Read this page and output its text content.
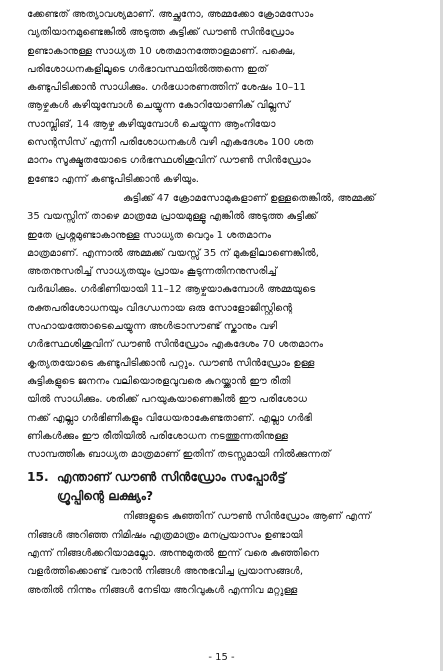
ക്കേണ്ടത് അത്യാവശ്യമാണ്. അച്ഛനോ, അമ്മക്കോ ക്രോമസോം
വ്യതിയാനമുണ്ടെങ്കിൽ അടുത്ത കുട്ടിക്ക് ഡൗൺ സിൻഡ്രോം
ഉണ്ടാകാനുള്ള സാധ്യത 10 ശതമാനത്തോളമാണ്. പക്ഷെ,
പരിശോധനകളിലൂടെ ഗർഭാവസ്ഥയിൽത്തന്നെ ഇത്
കണ്ടുപിടിക്കാൻ സാധിക്കും. ഗർഭധാരണത്തിന് ശേഷം 10–11
ആഴ്ചകൾ കഴിയുമ്പോൾ ചെയ്യുന്ന കോറിയോണിക് വില്ലസ്
സാമ്പ്ലിങ്, 14 ആഴ്ച കഴിയുമ്പോൾ ചെയ്യുന്ന ആംനിയോ
സെന്റസിസ് എന്നീ പരിശോധനകൾ വഴി എകദേശം 100 ശത
മാനം സൂക്ഷ്മതയോടെ ഗർഭസ്ഥശിശുവിന് ഡൗൺ സിൻഡ്രോം
ഉണ്ടോ എന്ന് കണ്ടുപിടിക്കാൻ കഴിയും.

കുട്ടിക്ക് 47 ക്രോമസോമുകളാണ് ഉള്ളതെങ്കിൽ, അമ്മക്ക്
35 വയസ്സിന് താഴെ മാത്രമേ പ്രായമുള്ളൂ എങ്കിൽ അടുത്ത കുട്ടിക്ക്
ഇതേ പ്രശ്നമുണ്ടാകാനുള്ള സാധ്യത വെറും 1 ശതമാനം
മാത്രമാണ്. എന്നാൽ അമ്മക്ക് വയസ്സ് 35 ന് മുകളിലാണെങ്കിൽ,
അതനുസരിച്ച് സാധ്യതയും പ്രായം കൂടുന്നതിനനുസരിച്ച്
വർദ്ധിക്കും. ഗർഭിണിയായി 11–12 ആഴ്ചയാകുമ്പോൾ അമ്മയുടെ
രക്തപരിശോധനയും വിദഗ്ധനായ ഒരു സോളോജിസ്റ്റിന്റെ
സഹായത്തോടെചെയ്യുന്ന അൾട്രാസൗണ്ട് സ്കാനും വഴി
ഗർഭസ്ഥശിശുവിന് ഡൗൺ സിൻഡ്രോം എകദേശം 70 ശതമാനം
കൃത്യതയോടെ കണ്ടുപിടിക്കാൻ പറ്റും. ഡൗൺ സിൻഡ്രോം ഉള്ള
കുട്ടികളുടെ ജനനം വലിയൊരളവുവരെ കുറയ്ക്കാൻ ഈ രീതി
യിൽ സാധിക്കും. ശരിക്ക് പറയുകയാണെങ്കിൽ ഈ പരിശോധ
നക്ക് എല്ലാ ഗർഭിണികളും വിധേയരാകേണ്ടതാണ്. എല്ലാ ഗർഭി
ണികൾക്കും ഈ രീതിയിൽ പരിശോധന നടത്തുന്നതിനുള്ള
സാമ്പത്തിക ബാധ്യത മാത്രമാണ് ഇതിന് തടസ്സമായി നിൽക്കുന്നത്

15. എന്താണ് ഡൗൺ സിൻഡ്രോം സപ്പോർട്ട്
ഗ്രൂപ്പിന്റെ ലക്ഷ്യം?

നിങ്ങളുടെ കുഞ്ഞിന് ഡൗൺ സിൻഡ്രോം ആണ് എന്ന്
നിങ്ങൾ അറിഞ്ഞ നിമിഷം എത്രമാത്രം മനപ്രയാസം ഉണ്ടായി
എന്ന് നിങ്ങൾക്കറിയാമല്ലോ. അന്നുമുതൽ ഇന്ന് വരെ കുഞ്ഞിനെ
വളർത്തിക്കൊണ്ട് വരാൻ നിങ്ങൾ അനുഭവിച്ച പ്രയാസങ്ങൾ,
അതിൽ നിന്നും നിങ്ങൾ നേടിയ അറിവുകൾ എന്നിവ മറ്റുള്ള

- 15 -
